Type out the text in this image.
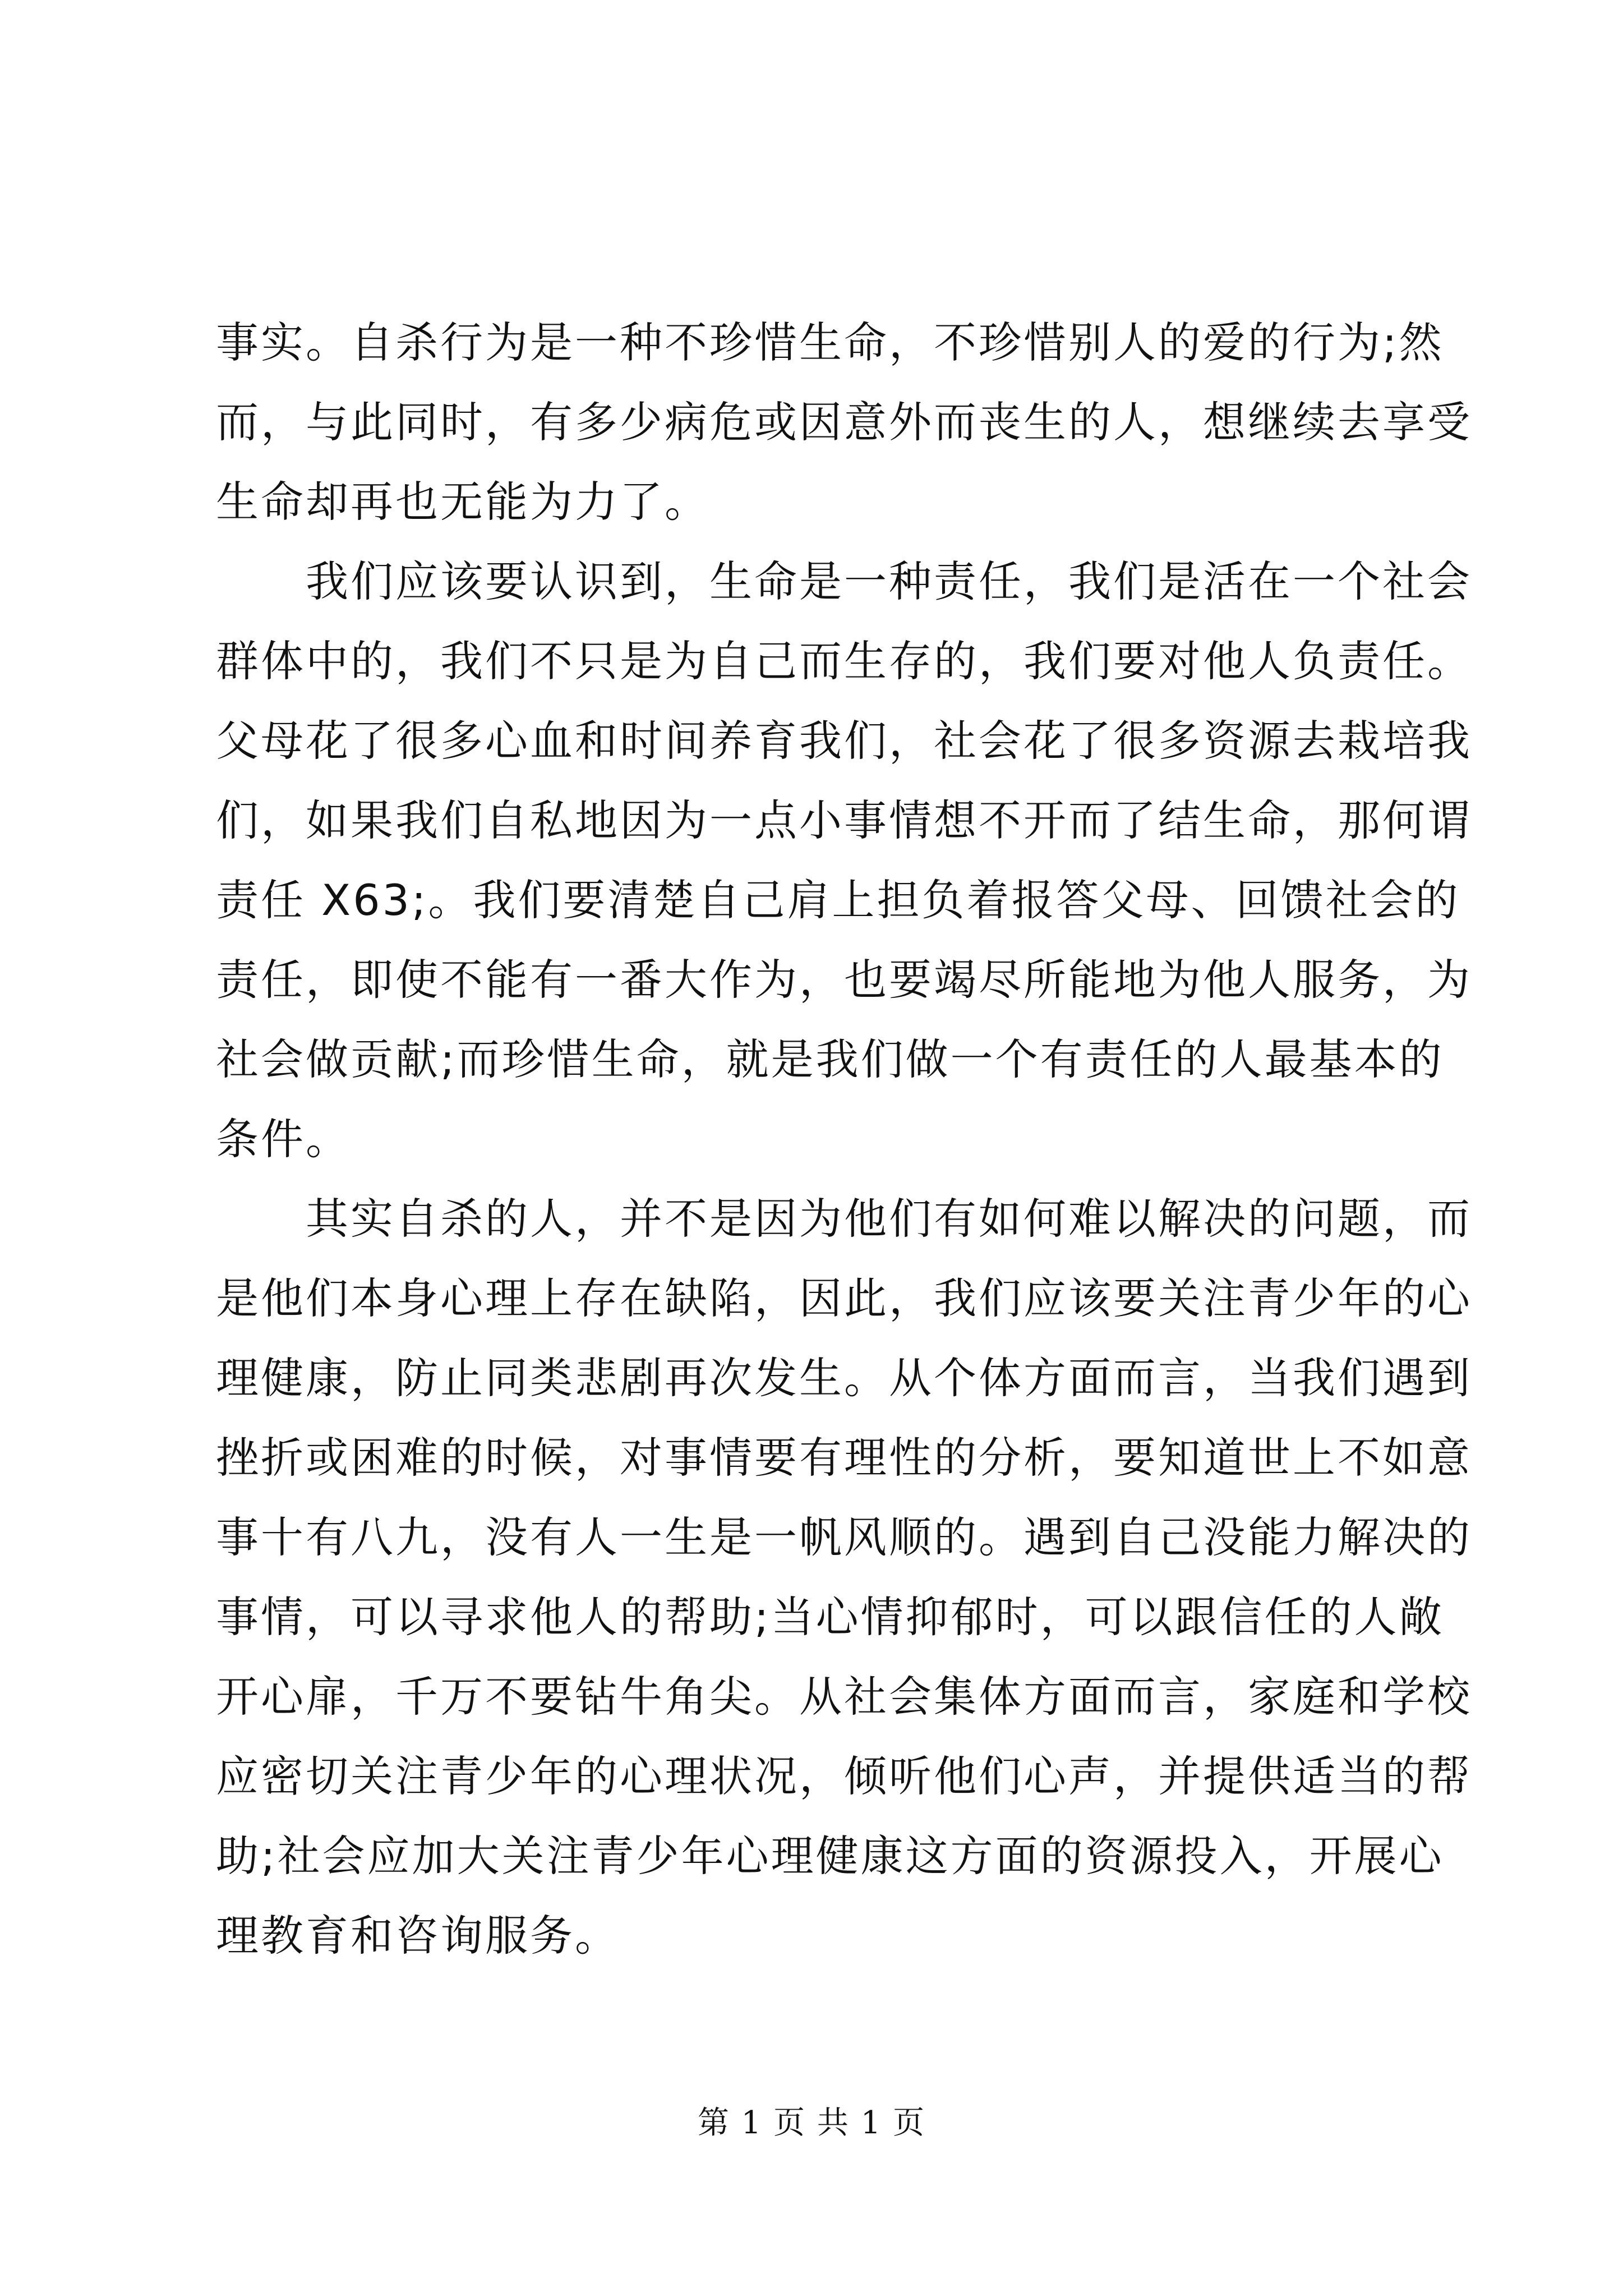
事实。自杀行为是一种不珍惜生命，不珍惜别人的爱的行为;然
而，与此同时，有多少病危或因意外而丧生的人，想继续去享受
生命却再也无能为力了。
我们应该要认识到，生命是一种责任，我们是活在一个社会
群体中的，我们不只是为自己而生存的，我们要对他人负责任。
父母花了很多心血和时间养育我们，社会花了很多资源去栽培我
们，如果我们自私地因为一点小事情想不开而了结生命，那何谓
责任 X63;。我们要清楚自己肩上担负着报答父母、回馈社会的
责任，即使不能有一番大作为，也要竭尽所能地为他人服务，为
社会做贡献;而珍惜生命，就是我们做一个有责任的人最基本的
条件。
其实自杀的人，并不是因为他们有如何难以解决的问题，而
是他们本身心理上存在缺陷，因此，我们应该要关注青少年的心
理健康，防止同类悲剧再次发生。从个体方面而言，当我们遇到
挫折或困难的时候，对事情要有理性的分析，要知道世上不如意
事十有八九，没有人一生是一帆风顺的。遇到自己没能力解决的
事情，可以寻求他人的帮助;当心情抑郁时，可以跟信任的人敞
开心扉，千万不要钻牛角尖。从社会集体方面而言，家庭和学校
应密切关注青少年的心理状况，倾听他们心声，并提供适当的帮
助;社会应加大关注青少年心理健康这方面的资源投入，开展心
理教育和咨询服务。
第 1 页 共 1 页
